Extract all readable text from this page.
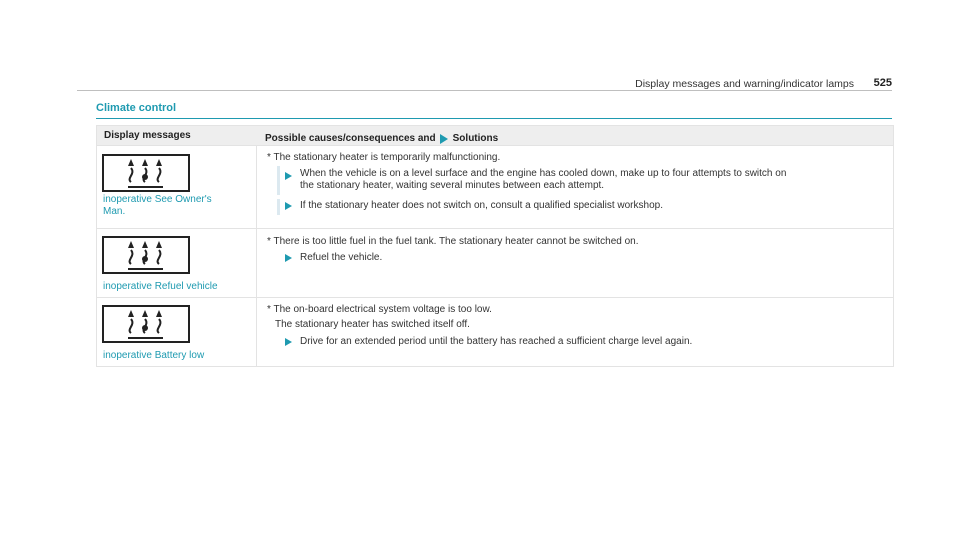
Display messages and warning/indicator lamps 525
Climate control
Display messages	Possible causes/consequences and Solutions
inoperative See Owner's
Man.
* The stationary heater is temporarily malfunctioning.
When the vehicle is on a level surface and the engine has cooled down, make up to four attempts to switch on
the stationary heater, waiting several minutes between each attempt.
If the stationary heater does not switch on, consult a qualified specialist workshop.
inoperative Refuel vehicle
* There is too little fuel in the fuel tank. The stationary heater cannot be switched on.
Refuel the vehicle.
inoperative Battery low
* The on-board electrical system voltage is too low.
The stationary heater has switched itself off.
Drive for an extended period until the battery has reached a sufficient charge level again.
